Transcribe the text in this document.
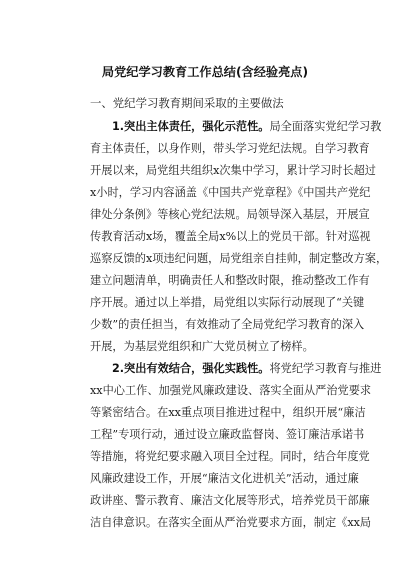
局党纪学习教育工作总结(含经验亮点)
一、党纪学习教育期间采取的主要做法
1.突出主体责任，强化示范性。局全面落实党纪学习教
育主体责任，以身作则，带头学习党纪法规。自学习教育
开展以来，局党组共组织x次集中学习，累计学习时长超过
x小时，学习内容涵盖《中国共产党章程》《中国共产党纪
律处分条例》等核心党纪法规。局领导深入基层，开展宣
传教育活动x场，覆盖全局x%以上的党员干部。针对巡视
巡察反馈的x项违纪问题，局党组亲自挂帅，制定整改方案，
建立问题清单，明确责任人和整改时限，推动整改工作有
序开展。通过以上举措，局党组以实际行动展现了“关键
少数”的责任担当，有效推动了全局党纪学习教育的深入
开展，为基层党组织和广大党员树立了榜样。
2.突出有效结合，强化实践性。将党纪学习教育与推进
xx中心工作、加强党风廉政建设、落实全面从严治党要求
等紧密结合。在xx重点项目推进过程中，组织开展“廉洁
工程”专项行动，通过设立廉政监督岗、签订廉洁承诺书
等措施，将党纪要求融入项目全过程。同时，结合年度党
风廉政建设工作，开展“廉洁文化进机关”活动，通过廉
政讲座、警示教育、廉洁文化展等形式，培养党员干部廉
洁自律意识。在落实全面从严治党要求方面，制定《xx局
